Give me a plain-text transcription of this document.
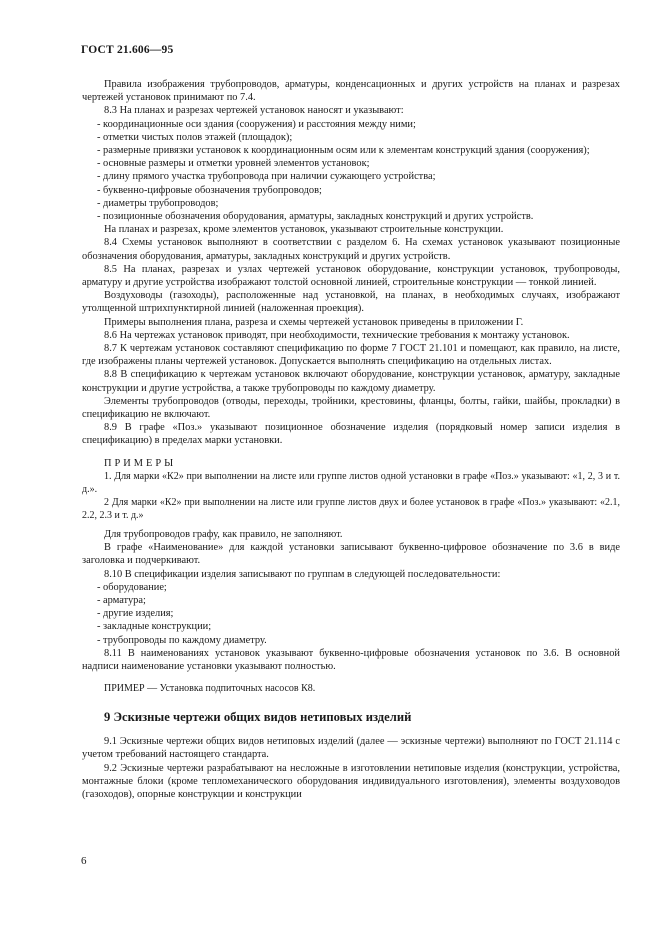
ГОСТ 21.606—95

Правила изображения трубопроводов, арматуры, конденсационных и других устройств на планах и разрезах чертежей установок принимают по 7.4.

8.3 На планах и разрезах чертежей установок наносят и указывают:

- координационные оси здания (сооружения) и расстояния между ними;

- отметки чистых полов этажей (площадок);

- размерные привязки установок к координационным осям или к элементам конструкций здания (сооружения);

- основные размеры и отметки уровней элементов установок;

- длину прямого участка трубопровода при наличии сужающего устройства;

- буквенно-цифровые обозначения трубопроводов;

- диаметры трубопроводов;

- позиционные обозначения оборудования, арматуры, закладных конструкций и других устройств.

На планах и разрезах, кроме элементов установок, указывают строительные конструкции.

8.4 Схемы установок выполняют в соответствии с разделом 6. На схемах установок указывают позиционные обозначения оборудования, арматуры, закладных конструкций и других устройств.

8.5 На планах, разрезах и узлах чертежей установок оборудование, конструкции установок, трубопроводы, арматуру и другие устройства изображают толстой основной линией, строительные конструкции — тонкой линией.

Воздуховоды (газоходы), расположенные над установкой, на планах, в необходимых случаях, изображают утолщенной штрихпунктирной линией (наложенная проекция).

Примеры выполнения плана, разреза и схемы чертежей установок приведены в приложении Г.

8.6 На чертежах установок приводят, при необходимости, технические требования к монтажу установок.

8.7 К чертежам установок составляют спецификацию по форме 7 ГОСТ 21.101 и помещают, как правило, на листе, где изображены планы чертежей установок. Допускается выполнять спецификацию на отдельных листах.

8.8 В спецификацию к чертежам установок включают оборудование, конструкции установок, арматуру, закладные конструкции и другие устройства, а также трубопроводы по каждому диаметру.

Элементы трубопроводов (отводы, переходы, тройники, крестовины, фланцы, болты, гайки, шайбы, прокладки) в спецификацию не включают.

8.9 В графе «Поз.» указывают позиционное обозначение изделия (порядковый номер записи изделия в спецификацию) в пределах марки установки.

ПРИМЕРЫ

1. Для марки «К2» при выполнении на листе или группе листов одной установки в графе «Поз.» указывают: «1, 2, 3 и т. д.».

2 Для марки «К2» при выполнении на листе или группе листов двух и более установок в графе «Поз.» указывают: «2.1, 2.2, 2.3 и т. д.»

Для трубопроводов графу, как правило, не заполняют.

В графе «Наименование» для каждой установки записывают буквенно-цифровое обозначение по 3.6 в виде заголовка и подчеркивают.

8.10 В спецификации изделия записывают по группам в следующей последовательности:

- оборудование;

- арматура;

- другие изделия;

- закладные конструкции;

- трубопроводы по каждому диаметру.

8.11 В наименованиях установок указывают буквенно-цифровые обозначения установок по 3.6. В основной надписи наименование установки указывают полностью.

ПРИМЕР — Установка подпиточных насосов К8.

9 Эскизные чертежи общих видов нетиповых изделий

9.1 Эскизные чертежи общих видов нетиповых изделий (далее — эскизные чертежи) выполняют по ГОСТ 21.114 с учетом требований настоящего стандарта.

9.2 Эскизные чертежи разрабатывают на несложные в изготовлении нетиповые изделия (конструкции, устройства, монтажные блоки (кроме тепломеханического оборудования индивидуального изготовления), элементы воздуховодов (газоходов), опорные конструкции и конструкции

6
